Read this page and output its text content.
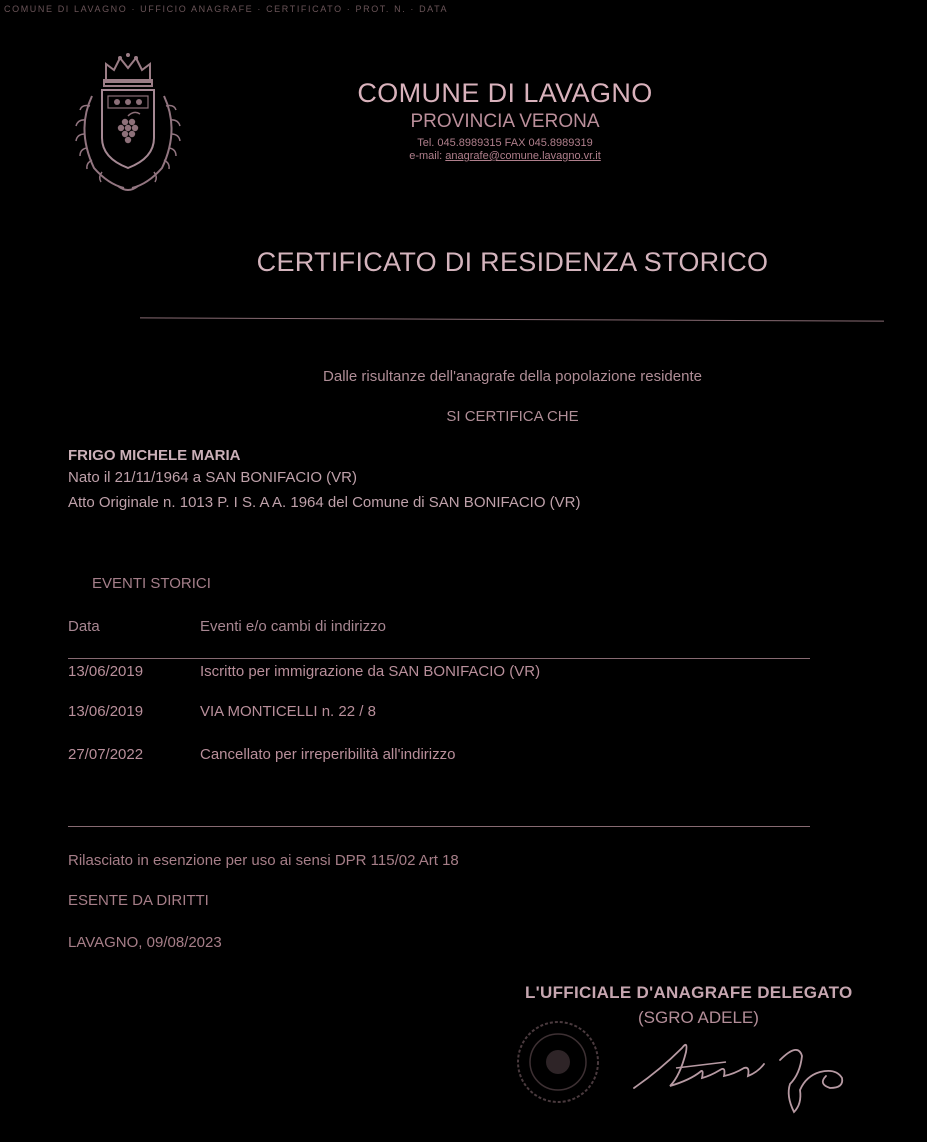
COMUNE DI LAVAGNO · UFFICIO ANAGRAFE · CERTIFICATO · PROT. N. · DATA
COMUNE DI LAVAGNO
PROVINCIA VERONA
Tel. 045.8989315 FAX 045.8989319
e-mail: anagrafe@comune.lavagno.vr.it
CERTIFICATO DI RESIDENZA STORICO
Dalle risultanze dell'anagrafe della popolazione residente
SI CERTIFICA CHE
FRIGO MICHELE MARIA
Nato il 21/11/1964 a SAN BONIFACIO (VR)
Atto Originale n. 1013 P. I S. A A. 1964 del Comune di SAN BONIFACIO (VR)
EVENTI STORICI
Data	Eventi e/o cambi di indirizzo
13/06/2019	Iscritto per immigrazione da SAN BONIFACIO (VR)
13/06/2019	VIA MONTICELLI n. 22 / 8
27/07/2022	Cancellato per irreperibilità all'indirizzo
Rilasciato in esenzione per uso ai sensi DPR 115/02 Art 18
ESENTE DA DIRITTI
LAVAGNO, 09/08/2023
L'UFFICIALE D'ANAGRAFE DELEGATO
(SGRO ADELE)
